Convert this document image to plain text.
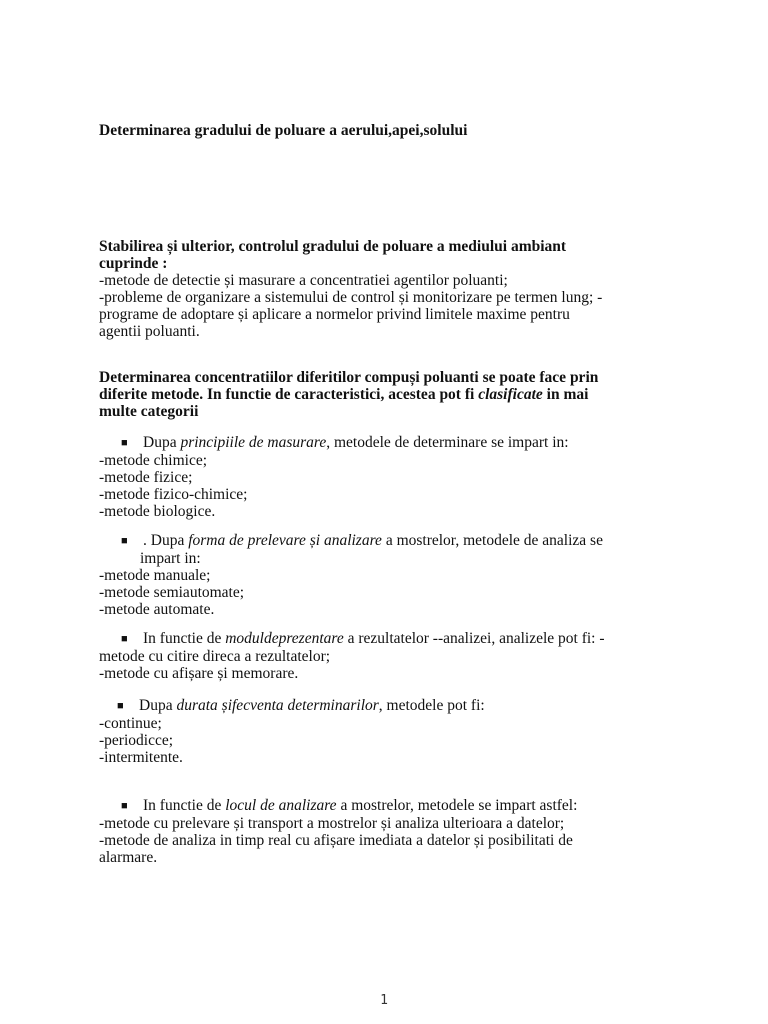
Determinarea gradului de poluare a aerului,apei,solului
Stabilirea și ulterior, controlul gradului de poluare a mediului ambiant
cuprinde :
-metode de detectie și masurare a concentratiei agentilor poluanti;
-probleme de organizare a sistemului de control și monitorizare pe termen lung; -
programe de adoptare și aplicare a normelor privind limitele maxime pentru
agentii poluanti.
Determinarea concentratiilor diferitilor compuși poluanti se poate face prin
diferite metode. In functie de caracteristici, acestea pot fi clasificate in mai
multe categorii
■ Dupa principiile de masurare, metodele de determinare se impart in:
-metode chimice;
-metode fizice;
-metode fizico-chimice;
-metode biologice.
■ . Dupa forma de prelevare și analizare a mostrelor, metodele de analiza se
impart in:
-metode manuale;
-metode semiautomate;
-metode automate.
■ In functie de moduldeprezentare a rezultatelor --analizei, analizele pot fi: -
metode cu citire direca a rezultatelor;
-metode cu afișare și memorare.
■ Dupa durata șifecventa determinarilor, metodele pot fi:
-continue;
-periodicce;
-intermitente.
■ In functie de locul de analizare a mostrelor, metodele se impart astfel:
-metode cu prelevare și transport a mostrelor și analiza ulterioara a datelor;
-metode de analiza in timp real cu afișare imediata a datelor și posibilitati de
alarmare.
1
